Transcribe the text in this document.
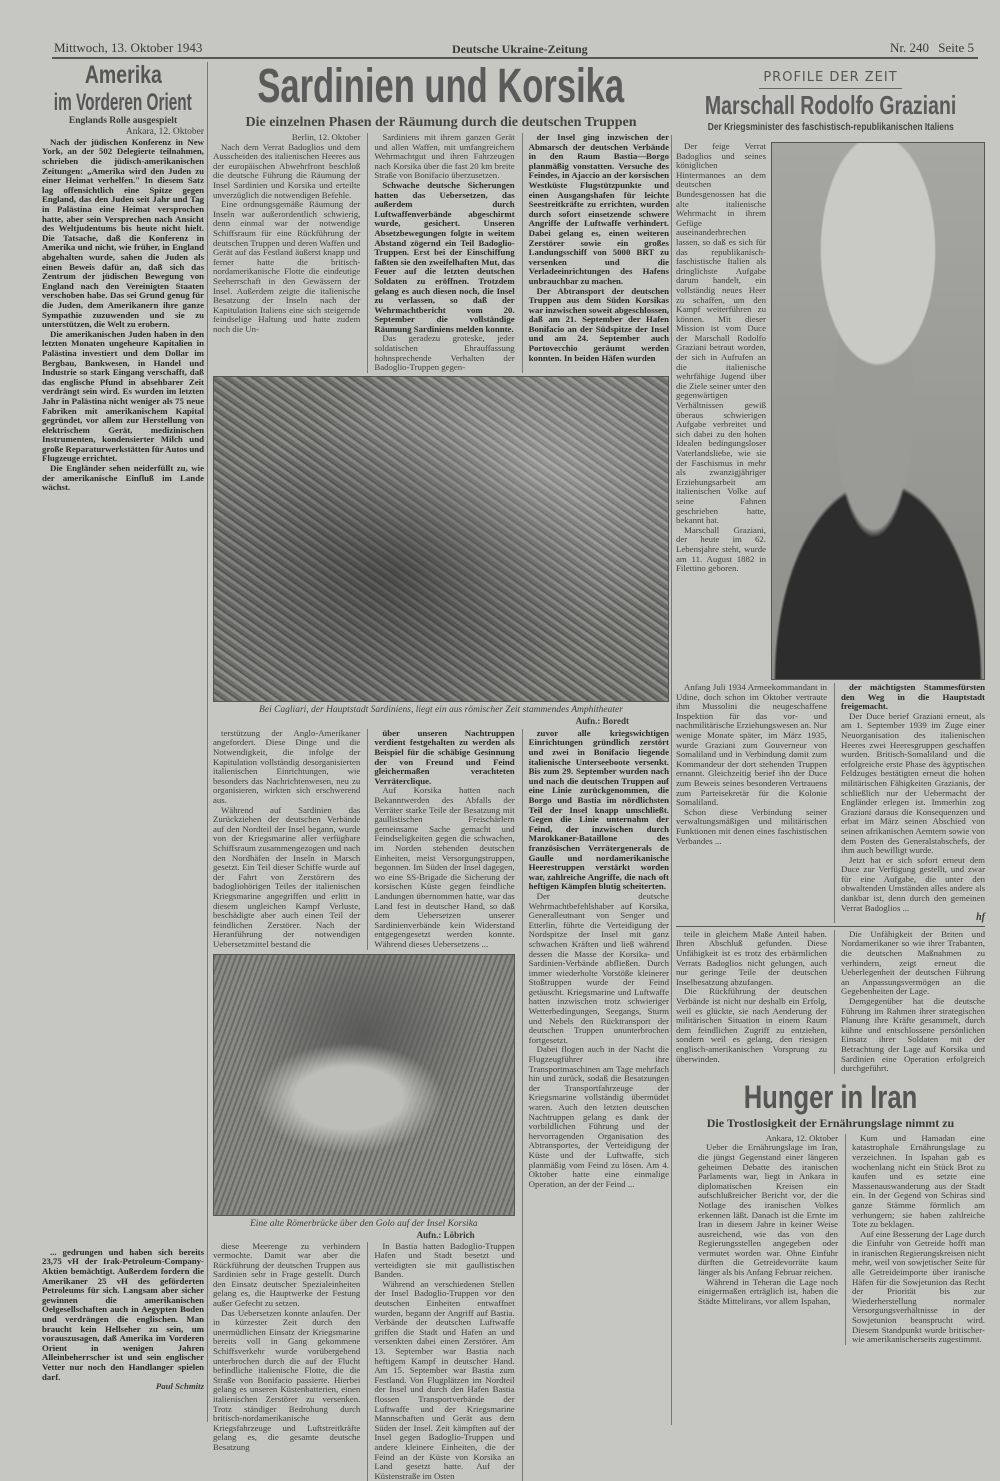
Mittwoch, 13. Oktober 1943	Deutsche Ukraine-Zeitung	Nr. 240 Seite 5
Amerika
im Vorderen Orient
Englands Rolle ausgespielt
Ankara, 12. Oktober

Nach der jüdischen Konferenz in New York, an der 502 Delegierte teilnahmen, schrieben die jüdisch-amerikanischen Zeitungen: „Amerika wird den Juden zu einer Heimat verhelfen." In diesem Satz lag offensichtlich eine Spitze gegen England, das den Juden seit Jahr und Tag in Palästina eine Heimat versprochen hatte, aber sein Versprechen nach Ansicht des Weltjudentums bis heute nicht hielt. Die Tatsache, daß die Konferenz in Amerika und nicht, wie früher, in England abgehalten wurde, sahen die Juden als einen Beweis dafür an, daß sich das Zentrum der jüdischen Bewegung von England nach den Vereinigten Staaten verschoben habe. Das sei Grund genug für die Juden, dem Amerikanern ihre ganze Sympathie zuzuwenden und sie zu unterstützen, die Welt zu erobern.

Die amerikanischen Juden haben in den letzten Monaten ungeheure Kapitalien in Palästina investiert und dem Dollar im Bergbau, Bankwesen, in Handel und Industrie so stark Eingang verschafft, daß das englische Pfund in absehbarer Zeit verdrängt sein wird. Es wurden im letzten Jahr in Palästina nicht weniger als 75 neue Fabriken mit amerikanischem Kapital gegründet, vor allem zur Herstellung von elektrischem Gerät, medizinischen Instrumenten, kondensierter Milch und große Reparaturwerkstätten für Autos und Flugzeuge errichtet.

Die Engländer sehen neiderfüllt zu, wie der amerikanische Einfluß im Lande wächst.

... gedrungen und haben sich bereits 23,75 vH der Irak-Petroleum-Company-Aktien bemächtigt. Außerdem fordern die Amerikaner 25 vH des geförderten Petroleums für sich. Langsam aber sicher gewinnen die amerikanischen Oelgesellschaften auch in Aegypten Boden und verdrängen die englischen. Man braucht kein Hellseher zu sein, um vorauszusagen, daß Amerika im Vorderen Orient in wenigen Jahren Alleinbeherrscher ist und sein englischer Vetter nur noch den Handlanger spielen darf.

Paul Schmitz
Sardinien und Korsika
Die einzelnen Phasen der Räumung durch die deutschen Truppen
Berlin, 12. Oktober

Nach dem Verrat Badoglios und dem Ausscheiden des italienischen Heeres aus der europäischen Abwehrfront beschloß die deutsche Führung die Räumung der Insel Sardinien und Korsika und erteilte unverzüglich die notwendigen Befehle.

Eine ordnungsgemäße Räumung der Inseln war außerordentlich schwierig, denn einmal war der notwendige Schiffsraum für eine Rückführung der deutschen Truppen und deren Waffen und Gerät auf das Festland äußerst knapp und ferner hatte die britisch-nordamerikanische Flotte die eindeutige Seeherrschaft in den Gewässern der Insel. Außerdem zeigte die italienische Besatzung der Inseln nach der Kapitulation Italiens eine sich steigernde feindselige Haltung und hatte zudem noch die Un-

Sardiniens mit ihrem ganzen Gerät und allen Waffen, mit umfangreichem Wehrmachtgut und ihren Fahrzeugen nach Korsika über die fast 20 km breite Straße von Bonifacio überzusetzen.

Schwache deutsche Sicherungen hatten das Uebersetzen, das außerdem durch Luftwaffenverbände abgeschirmt wurde, gesichert. Unseren Absetzbewegungen folgte in weitem Abstand zögernd ein Teil Badoglio-Truppen. Erst bei der Einschiffung faßten sie den zweifelhaften Mut, das Feuer auf die letzten deutschen Soldaten zu eröffnen. Trotzdem gelang es auch diesen noch, die Insel zu verlassen, so daß der Wehrmachtbericht vom 20. September die vollständige Räumung Sardiniens melden konnte.

Das geradezu groteske, jeder soldatischen Ehrauffassung hohnsprechende Verhalten der Badoglio-Truppen gegen-

der Insel ging inzwischen der Abmarsch der deutschen Verbände in den Raum Bastia—Borgo planmäßig vonstatten. Versuche des Feindes, in Ajaccio an der korsischen Westküste Flugstützpunkte und einen Ausgangshafen für leichte Seestreitkräfte zu errichten, wurden durch sofort einsetzende schwere Angriffe der Luftwaffe verhindert. Dabei gelang es, einen weiteren Zerstörer sowie ein großes Landungsschiff von 5000 BRT zu versenken und die Verladeeinrichtungen des Hafens unbrauchbar zu machen.

Der Abtransport der deutschen Truppen aus dem Süden Korsikas war inzwischen soweit abgeschlossen, daß am 21. September der Hafen Bonifacio an der Südspitze der Insel und am 24. September auch Portovecchio geräumt werden konnten. In beiden Häfen wurden

Bei Cagliari, der Hauptstadt Sardiniens, liegt ein aus römischer Zeit stammendes Amphitheater
Aufn.: Boredt

terstützung der Anglo-Amerikaner angefordert. Diese Dinge und die Notwendigkeit, die infolge der Kapitulation vollständig desorganisierten italienischen Einrichtungen, wie besonders das Nachrichtenwesen, neu zu organisieren, wirkten sich erschwerend aus.

Während auf Sardinien das Zurückziehen der deutschen Verbände auf den Nordteil der Insel begann, wurde von der Kriegsmarine aller verfügbare Schiffsraum zusammengezogen und nach den Nordhäfen der Inseln in Marsch gesetzt. Ein Teil dieser Schiffe wurde auf der Fahrt von Zerstörern des badogliohörigen Teiles der italienischen Kriegsmarine angegriffen und erlitt in diesem ungleichen Kampf Verluste, beschädigte aber auch einen Teil der feindlichen Zerstörer. Nach der Heranführung der notwendigen Uebersetzmittel bestand die

über unseren Nachtruppen verdient festgehalten zu werden als Beispiel für die schäbige Gesinnung der von Freund und Feind gleichermaßen verachteten Verräterclique.

Auf Korsika hatten nach Bekanntwerden des Abfalls der Verräter starke Teile der Besatzung mit gaullistischen Freischärlern gemeinsame Sache gemacht und Feindseligkeiten gegen die schwachen, im Norden stehenden deutschen Einheiten, meist Versorgungstruppen, begonnen. Im Süden der Insel dagegen, wo eine SS-Brigade die Sicherung der korsischen Küste gegen feindliche Landungen übernommen hatte, war das Land fest in deutscher Hand, so daß dem Uebersetzen unserer Sardinienverbände kein Widerstand entgegengesetzt werden konnte. Während dieses Uebersetzens ...

Eine alte Römerbrücke über den Golo auf der Insel Korsika
Aufn.: Löbrich

diese Meerenge zu verhindern vermochte. Damit war aber die Rückführung der deutschen Truppen aus Sardinien sehr in Frage gestellt. Durch den Einsatz deutscher Spezialeinheiten gelang es, die Hauptwerke der Festung außer Gefecht zu setzen.

Das Uebersetzen konnte anlaufen. Der in kürzester Zeit durch den unermüdlichen Einsatz der Kriegsmarine bereits voll in Gang gekommene Schiffsverkehr wurde vorübergehend unterbrochen durch die auf der Flucht befindliche italienische Flotte, die die Straße von Bonifacio passierte. Hierbei gelang es unseren Küstenbatterien, einen italienischen Zerstörer zu versenken. Trotz ständiger Bedrohung durch britisch-nordamerikanische Kriegsfahrzeuge und Luftstreitkräfte gelang es, die gesamte deutsche Besatzung

In Bastia hatten Badoglio-Truppen Hafen und Stadt besetzt und verteidigten sie mit gaullistischen Banden.

Während an verschiedenen Stellen der Insel Badoglio-Truppen vor den deutschen Einheiten entwaffnet wurden, begann der Angriff auf Bastia. Verbände der deutschen Luftwaffe griffen die Stadt und Hafen an und versenkten dabei einen Zerstörer. Am 13. September war Bastia nach heftigem Kampf in deutscher Hand. Am 15. September war Bastia zum Festland. Von Flugplätzen im Nordteil der Insel und durch den Hafen Bastia flossen Transportverbände der Luftwaffe und der Kriegsmarine Mannschaften und Gerät aus dem Süden der Insel. Zeit kämpften auf der Insel gegen Badoglio-Truppen und andere kleinere Einheiten, die der Feind an der Küste von Korsika an Land gesetzt hatte. Auf der Küstenstraße im Osten

zuvor alle kriegswichtigen Einrichtungen gründlich zerstört und zwei in Bonifacio liegende italienische Unterseeboote versenkt. Bis zum 29. September wurden nach und nach die deutschen Truppen auf eine Linie zurückgenommen, die Borgo und Bastia im nördlichsten Teil der Insel knapp umschließt. Gegen die Linie unternahm der Feind, der inzwischen durch Marokkaner-Bataillone des französischen Verrätergenerals de Gaulle und nordamerikanische Heerestruppen verstärkt worden war, zahlreiche Angriffe, die nach oft heftigen Kämpfen blutig scheiterten.

Der deutsche Wehrmachtbefehlshaber auf Korsika, Generalleutnant von Senger und Etterlin, führte die Verteidigung der Nordspitze der Insel mit ganz schwachen Kräften und ließ während dessen die Masse der Korsika- und Sardinien-Verbände abfließen. Durch immer wiederholte Vorstöße kleinerer Stoßtruppen wurde der Feind getäuscht. Kriegsmarine und Luftwaffe hatten inzwischen trotz schwieriger Wetterbedingungen, Seegangs, Sturm und Nebels den Rücktransport der deutschen Truppen ununterbrochen fortgesetzt.

Dabei flogen auch in der Nacht die Flugzeugführer ihre Transportmaschinen am Tage mehrfach hin und zurück, sodaß die Besatzungen der Transportfahrzeuge der Kriegsmarine vollständig übermüdet waren. Auch den letzten deutschen Nachtruppen gelang es dank der vorbildlichen Führung und der hervorragenden Organisation des Abtransportes, der Verteidigung der Küste und der Luftwaffe, sich planmäßig vom Feind zu lösen. Am 4. Oktober hatte eine einmalige Operation, an der der Feind ...

PROFILE DER ZEIT
Marschall Rodolfo Graziani
Der Kriegsminister des faschistisch-republikanischen Italiens

Der feige Verrat Badoglios und seines königlichen Hintermannes an dem deutschen Bundesgenossen hat die alte italienische Wehrmacht in ihrem Gefüge auseinanderbrechen lassen, so daß es sich für das republikanisch-faschistische Italien als dringlichste Aufgabe darum handelt, ein vollständig neues Heer zu schaffen, um den Kampf weiterführen zu können. Mit dieser Mission ist vom Duce der Marschall Rodolfo Graziani betraut worden, der sich in Aufrufen an die italienische wehrfähige Jugend über die Ziele seiner unter den gegenwärtigen Verhältnissen gewiß überaus schwierigen Aufgabe verbreitet und sich dabei zu den hohen Idealen bedingungsloser Vaterlandsliebe, wie sie der Faschismus in mehr als zwanzigjähriger Erziehungsarbeit am italienischen Volke auf seine Fahnen geschrieben hatte, bekannt hat.

Marschall Graziani, der heute im 62. Lebensjahre steht, wurde am 11. August 1882 in Filettino geboren.

Anfang Juli 1934 Armeekommandant in Udine, doch schon im Oktober vertraute ihm Mussolini die neugeschaffene Inspektion für das vor- und nachmilitärische Erziehungswesen an. Nur wenige Monate später, im März 1935, wurde Graziani zum Gouverneur von Somaliland und in Verbindung damit zum Kommandeur der dort stehenden Truppen ernannt. Gleichzeitig berief ihn der Duce zum Beweis seines besonderen Vertrauens zum Parteisekretär für die Kolonie Somaliland.

Schon diese Verbindung seiner verwaltungsmäßigen und militärischen Funktionen mit denen eines faschistischen Verbandes ...

der mächtigsten Stammesfürsten den Weg in die Hauptstadt freigemacht.

Der Duce berief Graziani erneut, als am 1. September 1939 im Zuge einer Neuorganisation des italienischen Heeres zwei Heeresgruppen geschaffen wurden. Britisch-Somaliland und die erfolgreiche erste Phase des ägyptischen Feldzuges bestätigten erneut die hohen militärischen Fähigkeiten Grazianis, der schließlich nur der Uebermacht der Engländer erlegen ist. Immerhin zog Graziani daraus die Konsequenzen und erbat im März seinen Abschied von seinen afrikanischen Aemtern sowie von dem Posten des Generalstabschefs, der ihm auch bewilligt wurde.

Jetzt hat er sich sofort erneut dem Duce zur Verfügung gestellt, und zwar für eine Aufgabe, die unter den obwaltenden Umständen alles andere als dankbar ist, denn durch den gemeinen Verrat Badoglios ...

hf

teile in gleichem Maße Anteil haben. Ihren Abschluß gefunden. Diese Unfähigkeit ist es trotz des erbärmlichen Verrats Badoglios nicht gelungen, auch nur geringe Teile der deutschen Inselbesatzung abzufangen.

Die Rückführung der deutschen Verbände ist nicht nur deshalb ein Erfolg, weil es glückte, sie nach Aenderung der militärischen Situation in einem Raum dem feindlichen Zugriff zu entziehen, sondern weil es gelang, den riesigen englisch-amerikanischen Vorsprung zu überwinden.

Die Unfähigkeit der Briten und Nordamerikaner so wie ihrer Trabanten, die deutschen Maßnahmen zu verhindern, zeigt erneut die Ueberlegenheit der deutschen Führung an Anpassungsvermögen an die Gegebenheiten der Lage.

Demgegenüber hat die deutsche Führung im Rahmen ihrer strategischen Planung ihre Kräfte gesammelt, durch kühne und entschlossene persönlichen Einsatz ihrer Soldaten mit der Betrachtung der Lage auf Korsika und Sardinien eine Operation erfolgreich durchgeführt.

Hunger in Iran
Die Trostlosigkeit der Ernährungslage nimmt zu
Ankara, 12. Oktober

Ueber die Ernährungslage im Iran, die jüngst Gegenstand einer längeren geheimen Debatte des iranischen Parlaments war, liegt in Ankara in diplomatischen Kreisen ein aufschlußreicher Bericht vor, der die Notlage des iranischen Volkes erkennen läßt. Danach ist die Ernte im Iran in diesem Jahre in keiner Weise ausreichend, wie das von den Regierungsstellen angegeben oder vermutet worden war. Ohne Einfuhr dürften die Getreidevorräte kaum länger als bis Anfang Februar reichen.

Während in Teheran die Lage noch einigermaßen erträglich ist, haben die Städte Mittelirans, vor allem Ispahan,

Kum und Hamadan eine katastrophale Ernährungslage zu verzeichnen. In Ispahan gab es wochenlang nicht ein Stück Brot zu kaufen und es setzte eine Massenauswanderung aus der Stadt ein. In der Gegend von Schiras sind ganze Stämme förmlich am verhungern; sie haben zahlreiche Tote zu beklagen.

Auf eine Besserung der Lage durch die Einfuhr von Getreide hofft man in iranischen Regierungskreisen nicht mehr, weil von sowjetischer Seite für alle Getreideimporte über iranische Häfen für die Sowjetunion das Recht der Priorität bis zur Wiederherstellung normaler Versorgungsverhältnisse in der Sowjetunion beansprucht wird. Diesem Standpunkt wurde britischer- wie amerikanischerseits zugestimmt.
